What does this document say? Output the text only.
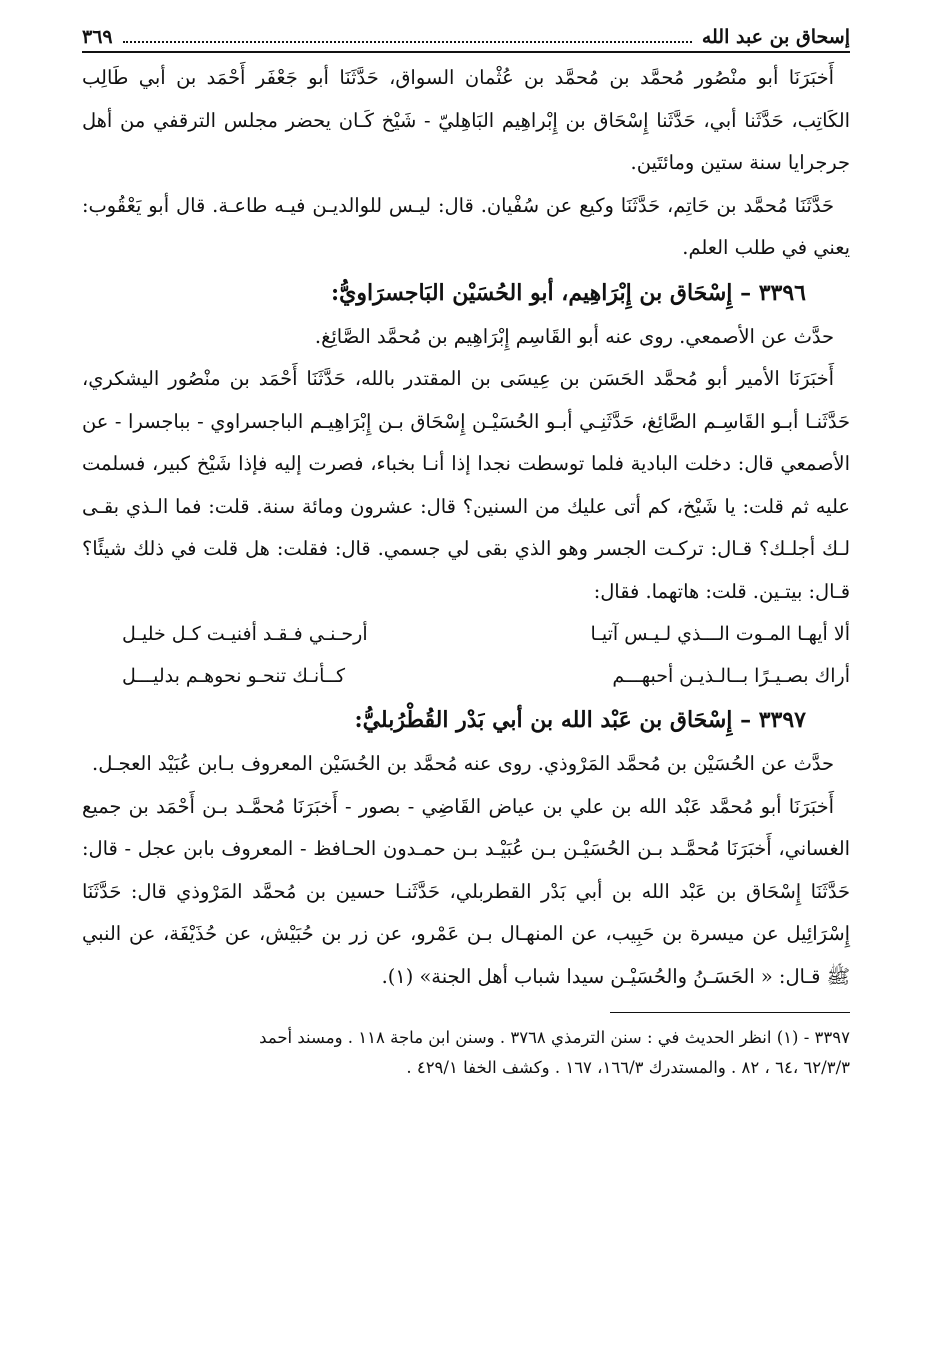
إسحاق بن عبد الله
٣٦٩

أَخبَرَنَا أبو منْصُور مُحمَّد بن مُحمَّد بن عُثْمان السواق، حَدَّثَنَا أبو جَعْفَر أَحْمَد بن أبي طَالِب الكَاتِب، حَدَّثَنا أبي، حَدَّثَنا إِسْحَاق بن إِبْراهِيم البَاهِليّ - شَيْخ كَـان يحضر مجلس الترقفي من أهل جرجرايا سنة ستين ومائتَين.

حَدَّثَنَا مُحمَّد بن حَاتِم، حَدَّثَنَا وكيع عن سُفْيان. قال: ليـس للوالديـن فيـه طاعـة. قال أبو يَعْقُوب: يعني في طلب العلم.

٣٣٩٦ – إِسْحَاق بن إِبْرَاهِيم، أبو الحُسَيْن البَاجسرَاويُّ:

حدَّث عن الأصمعي. روى عنه أبو القَاسِم إِبْرَاهِيم بن مُحمَّد الصَّائِغ.

أَخبَرَنَا الأمير أبو مُحمَّد الحَسَن بن عِيسَى بن المقتدر بالله، حَدَّثَنَا أَحْمَد بن منْصُور اليشكري، حَدَّثَنـا أبـو القَاسِـم الصَّائِغ، حَدَّثَنِـي أبـو الحُسَيْـن إِسْحَاق بـن إِبْرَاهِيـم الباجسراوي - بباجسرا - عن الأصمعي قال: دخلت البادية فلما توسطت نجدا إذا أنـا بخباء، فصرت إليه فإذا شَيْخ كبير، فسلمت عليه ثم قلت: يا شَيْخ، كم أتى عليك من السنين؟ قال: عشرون ومائة سنة. قلت: فما الـذي بقـى لـك أجلـك؟ قـال: تركـت الجسر وهو الذي بقى لي جسمي. قال: فقلت: هل قلت في ذلك شيئًا؟ قـال: بيتـين. قلت: هاتهما. فقال:

ألا أيهـا المـوت الـــذي لـيـس آتيـا
أرحـنـي فـقـد أفنيـت كـل خليـل
أراك بصـيـرًا بــالـذيـن أحبهـــم
كــأنـك تنحـو نحوهـم بدليـــل

٣٣٩٧ – إِسْحَاق بن عَبْد الله بن أبي بَدْر القُطْرُبليُّ:

حدَّث عن الحُسَيْن بن مُحمَّد المَرْوذي. روى عنه مُحمَّد بن الحُسَيْن المعروف بـابن عُبَيْد العجـل.

أَخبَرَنَا أبو مُحمَّد عَبْد الله بن علي بن عياض القَاضِي - بصور - أَخبَرَنَا مُحمَّـد بـن أَحْمَد بن جميع الغساني، أَخبَرَنَا مُحمَّـد بـن الحُسَيْـن بـن عُبَيْـد بـن حمـدون الحـافظ - المعروف بابن عجل - قال: حَدَّثَنَا إِسْحَاق بن عَبْد الله بن أبي بَدْر القطربلي، حَدَّثَنـا حسين بن مُحمَّد المَرْوذي قال: حَدَّثَنَا إِسْرَائِيل عن ميسرة بن حَبِيب، عن المنهـال بـن عَمْرو، عن زر بن حُبَيْش، عن حُذَيْفَة، عن النبي ﷺ قـال: « الحَسَـنُ والحُسَيْـن سيدا شباب أهل الجنة» (١).

٣٣٩٧ - (١) انظر الحديث في : سنن الترمذي ٣٧٦٨ . وسنن ابن ماجة ١١٨ . ومسند أحمد

٦٢/٣/٣ ،٦٤ ، ٨٢ . والمستدرك ١٦٦/٣، ١٦٧ . وكشف الخفا ٤٢٩/١ .
